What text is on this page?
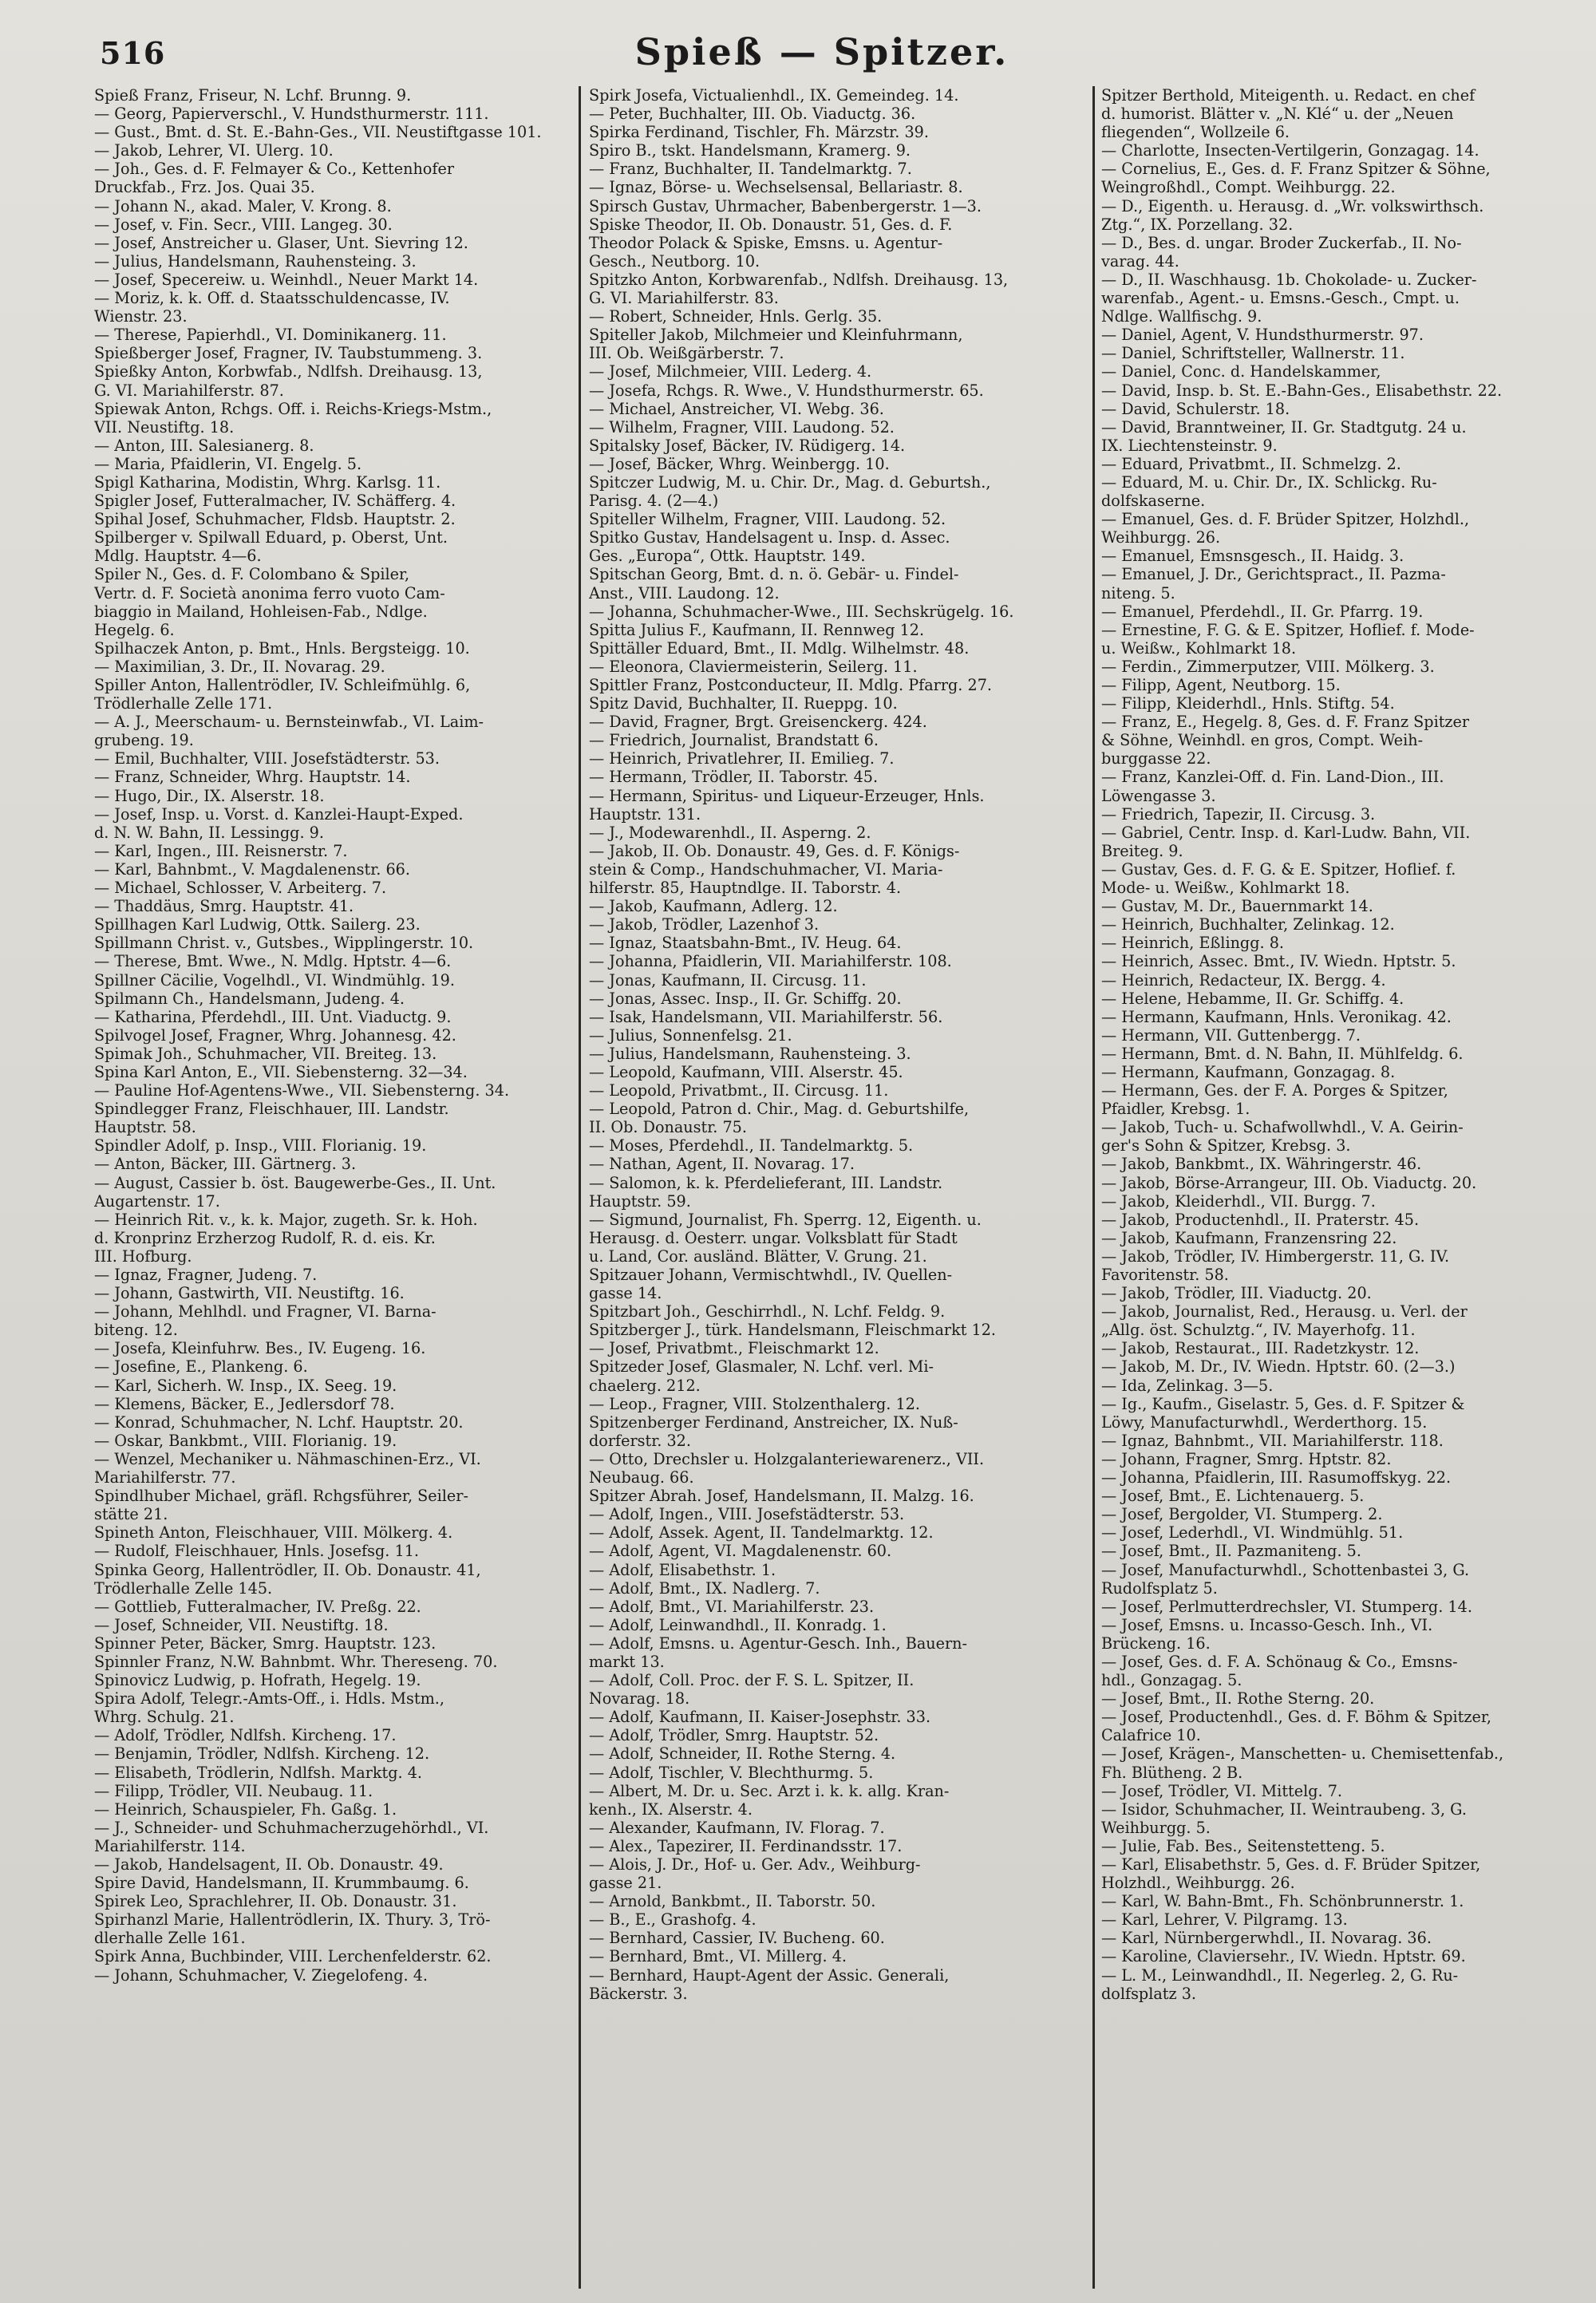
516	Spieß — Spitzer.
Spieß Franz, Friseur, N. Lchf. Brunng. 9.
— Georg, Papierverschl., V. Hundsthurmerstr. 111.
— Gust., Bmt. d. St. E.-Bahn-Ges., VII. Neustiftgasse 101.
— Jakob, Lehrer, VI. Ulerg. 10.
— Joh., Ges. d. F. Felmayer & Co., Kettenhofer
Druckfab., Frz. Jos. Quai 35.
— Johann N., akad. Maler, V. Krong. 8.
— Josef, v. Fin. Secr., VIII. Langeg. 30.
— Josef, Anstreicher u. Glaser, Unt. Sievring 12.
— Julius, Handelsmann, Rauhensteing. 3.
— Josef, Specereiw. u. Weinhdl., Neuer Markt 14.
— Moriz, k. k. Off. d. Staatsschuldencasse, IV.
Wienstr. 23.
— Therese, Papierhdl., VI. Dominikanerg. 11.
Spießberger Josef, Fragner, IV. Taubstummeng. 3.
Spießky Anton, Korbwfab., Ndlfsh. Dreihausg. 13,
G. VI. Mariahilferstr. 87.
Spiewak Anton, Rchgs. Off. i. Reichs-Kriegs-Mstm.,
VII. Neustiftg. 18.
— Anton, III. Salesianerg. 8.
— Maria, Pfaidlerin, VI. Engelg. 5.
Spigl Katharina, Modistin, Whrg. Karlsg. 11.
Spigler Josef, Futteralmacher, IV. Schäfferg. 4.
Spihal Josef, Schuhmacher, Fldsb. Hauptstr. 2.
Spilberger v. Spilwall Eduard, p. Oberst, Unt.
Mdlg. Hauptstr. 4—6.
Spiler N., Ges. d. F. Colombano & Spiler,
Vertr. d. F. Società anonima ferro vuoto Cam-
biaggio in Mailand, Hohleisen-Fab., Ndlge.
Hegelg. 6.
Spilhaczek Anton, p. Bmt., Hnls. Bergsteigg. 10.
— Maximilian, 3. Dr., II. Novarag. 29.
Spiller Anton, Hallentrödler, IV. Schleifmühlg. 6,
Trödlerhalle Zelle 171.
— A. J., Meerschaum- u. Bernsteinwfab., VI. Laim-
grubeng. 19.
— Emil, Buchhalter, VIII. Josefstädterstr. 53.
— Franz, Schneider, Whrg. Hauptstr. 14.
— Hugo, Dir., IX. Alserstr. 18.
— Josef, Insp. u. Vorst. d. Kanzlei-Haupt-Exped.
d. N. W. Bahn, II. Lessingg. 9.
— Karl, Ingen., III. Reisnerstr. 7.
— Karl, Bahnbmt., V. Magdalenenstr. 66.
— Michael, Schlosser, V. Arbeiterg. 7.
— Thaddäus, Smrg. Hauptstr. 41.
Spillhagen Karl Ludwig, Ottk. Sailerg. 23.
Spillmann Christ. v., Gutsbes., Wipplingerstr. 10.
— Therese, Bmt. Wwe., N. Mdlg. Hptstr. 4—6.
Spillner Cäcilie, Vogelhdl., VI. Windmühlg. 19.
Spilmann Ch., Handelsmann, Judeng. 4.
— Katharina, Pferdehdl., III. Unt. Viaductg. 9.
Spilvogel Josef, Fragner, Whrg. Johannesg. 42.
Spimak Joh., Schuhmacher, VII. Breiteg. 13.
Spina Karl Anton, E., VII. Siebensterng. 32—34.
— Pauline Hof-Agentens-Wwe., VII. Siebensterng. 34.
Spindlegger Franz, Fleischhauer, III. Landstr.
Hauptstr. 58.
Spindler Adolf, p. Insp., VIII. Florianig. 19.
— Anton, Bäcker, III. Gärtnerg. 3.
— August, Cassier b. öst. Baugewerbe-Ges., II. Unt.
Augartenstr. 17.
— Heinrich Rit. v., k. k. Major, zugeth. Sr. k. Hoh.
d. Kronprinz Erzherzog Rudolf, R. d. eis. Kr.
III. Hofburg.
— Ignaz, Fragner, Judeng. 7.
— Johann, Gastwirth, VII. Neustiftg. 16.
— Johann, Mehlhdl. und Fragner, VI. Barna-
biteng. 12.
— Josefa, Kleinfuhrw. Bes., IV. Eugeng. 16.
— Josefine, E., Plankeng. 6.
— Karl, Sicherh. W. Insp., IX. Seeg. 19.
— Klemens, Bäcker, E., Jedlersdorf 78.
— Konrad, Schuhmacher, N. Lchf. Hauptstr. 20.
— Oskar, Bankbmt., VIII. Florianig. 19.
— Wenzel, Mechaniker u. Nähmaschinen-Erz., VI.
Mariahilferstr. 77.
Spindlhuber Michael, gräfl. Rchgsführer, Seiler-
stätte 21.
Spineth Anton, Fleischhauer, VIII. Mölkerg. 4.
— Rudolf, Fleischhauer, Hnls. Josefsg. 11.
Spinka Georg, Hallentrödler, II. Ob. Donaustr. 41,
Trödlerhalle Zelle 145.
— Gottlieb, Futteralmacher, IV. Preßg. 22.
— Josef, Schneider, VII. Neustiftg. 18.
Spinner Peter, Bäcker, Smrg. Hauptstr. 123.
Spinnler Franz, N.W. Bahnbmt. Whr. Thereseng. 70.
Spinovicz Ludwig, p. Hofrath, Hegelg. 19.
Spira Adolf, Telegr.-Amts-Off., i. Hdls. Mstm.,
Whrg. Schulg. 21.
— Adolf, Trödler, Ndlfsh. Kircheng. 17.
— Benjamin, Trödler, Ndlfsh. Kircheng. 12.
— Elisabeth, Trödlerin, Ndlfsh. Marktg. 4.
— Filipp, Trödler, VII. Neubaug. 11.
— Heinrich, Schauspieler, Fh. Gaßg. 1.
— J., Schneider- und Schuhmacherzugehörhdl., VI.
Mariahilferstr. 114.
— Jakob, Handelsagent, II. Ob. Donaustr. 49.
Spire David, Handelsmann, II. Krummbaumg. 6.
Spirek Leo, Sprachlehrer, II. Ob. Donaustr. 31.
Spirhanzl Marie, Hallentrödlerin, IX. Thury. 3, Trö-
dlerhalle Zelle 161.
Spirk Anna, Buchbinder, VIII. Lerchenfelderstr. 62.
— Johann, Schuhmacher, V. Ziegelofeng. 4.
Spirk Josefa, Victualienhdl., IX. Gemeindeg. 14.
— Peter, Buchhalter, III. Ob. Viaductg. 36.
Spirka Ferdinand, Tischler, Fh. Märzstr. 39.
Spiro B., tskt. Handelsmann, Kramerg. 9.
— Franz, Buchhalter, II. Tandelmarktg. 7.
— Ignaz, Börse- u. Wechselsensal, Bellariastr. 8.
Spirsch Gustav, Uhrmacher, Babenbergerstr. 1—3.
Spiske Theodor, II. Ob. Donaustr. 51, Ges. d. F.
Theodor Polack & Spiske, Emsns. u. Agentur-
Gesch., Neutborg. 10.
Spitzko Anton, Korbwarenfab., Ndlfsh. Dreihausg. 13,
G. VI. Mariahilferstr. 83.
— Robert, Schneider, Hnls. Gerlg. 35.
Spiteller Jakob, Milchmeier und Kleinfuhrmann,
III. Ob. Weißgärberstr. 7.
— Josef, Milchmeier, VIII. Lederg. 4.
— Josefa, Rchgs. R. Wwe., V. Hundsthurmerstr. 65.
— Michael, Anstreicher, VI. Webg. 36.
— Wilhelm, Fragner, VIII. Laudong. 52.
Spitalsky Josef, Bäcker, IV. Rüdigerg. 14.
— Josef, Bäcker, Whrg. Weinbergg. 10.
Spitczer Ludwig, M. u. Chir. Dr., Mag. d. Geburtsh.,
Parisg. 4. (2—4.)
Spiteller Wilhelm, Fragner, VIII. Laudong. 52.
Spitko Gustav, Handelsagent u. Insp. d. Assec.
Ges. „Europa“, Ottk. Hauptstr. 149.
Spitschan Georg, Bmt. d. n. ö. Gebär- u. Findel-
Anst., VIII. Laudong. 12.
— Johanna, Schuhmacher-Wwe., III. Sechskrügelg. 16.
Spitta Julius F., Kaufmann, II. Rennweg 12.
Spittäller Eduard, Bmt., II. Mdlg. Wilhelmstr. 48.
— Eleonora, Claviermeisterin, Seilerg. 11.
Spittler Franz, Postconducteur, II. Mdlg. Pfarrg. 27.
Spitz David, Buchhalter, II. Rueppg. 10.
— David, Fragner, Brgt. Greisenckerg. 424.
— Friedrich, Journalist, Brandstatt 6.
— Heinrich, Privatlehrer, II. Emilieg. 7.
— Hermann, Trödler, II. Taborstr. 45.
— Hermann, Spiritus- und Liqueur-Erzeuger, Hnls.
Hauptstr. 131.
— J., Modewarenhdl., II. Asperng. 2.
— Jakob, II. Ob. Donaustr. 49, Ges. d. F. Königs-
stein & Comp., Handschuhmacher, VI. Maria-
hilferstr. 85, Hauptndlge. II. Taborstr. 4.
— Jakob, Kaufmann, Adlerg. 12.
— Jakob, Trödler, Lazenhof 3.
— Ignaz, Staatsbahn-Bmt., IV. Heug. 64.
— Johanna, Pfaidlerin, VII. Mariahilferstr. 108.
— Jonas, Kaufmann, II. Circusg. 11.
— Jonas, Assec. Insp., II. Gr. Schiffg. 20.
— Isak, Handelsmann, VII. Mariahilferstr. 56.
— Julius, Sonnenfelsg. 21.
— Julius, Handelsmann, Rauhensteing. 3.
— Leopold, Kaufmann, VIII. Alserstr. 45.
— Leopold, Privatbmt., II. Circusg. 11.
— Leopold, Patron d. Chir., Mag. d. Geburtshilfe,
II. Ob. Donaustr. 75.
— Moses, Pferdehdl., II. Tandelmarktg. 5.
— Nathan, Agent, II. Novarag. 17.
— Salomon, k. k. Pferdelieferant, III. Landstr.
Hauptstr. 59.
— Sigmund, Journalist, Fh. Sperrg. 12, Eigenth. u.
Herausg. d. Oesterr. ungar. Volksblatt für Stadt
u. Land, Cor. ausländ. Blätter, V. Grung. 21.
Spitzauer Johann, Vermischtwhdl., IV. Quellen-
gasse 14.
Spitzbart Joh., Geschirrhdl., N. Lchf. Feldg. 9.
Spitzberger J., türk. Handelsmann, Fleischmarkt 12.
— Josef, Privatbmt., Fleischmarkt 12.
Spitzeder Josef, Glasmaler, N. Lchf. verl. Mi-
chaelerg. 212.
— Leop., Fragner, VIII. Stolzenthalerg. 12.
Spitzenberger Ferdinand, Anstreicher, IX. Nuß-
dorferstr. 32.
— Otto, Drechsler u. Holzgalanteriewarenerz., VII.
Neubaug. 66.
Spitzer Abrah. Josef, Handelsmann, II. Malzg. 16.
— Adolf, Ingen., VIII. Josefstädterstr. 53.
— Adolf, Assek. Agent, II. Tandelmarktg. 12.
— Adolf, Agent, VI. Magdalenenstr. 60.
— Adolf, Elisabethstr. 1.
— Adolf, Bmt., IX. Nadlerg. 7.
— Adolf, Bmt., VI. Mariahilferstr. 23.
— Adolf, Leinwandhdl., II. Konradg. 1.
— Adolf, Emsns. u. Agentur-Gesch. Inh., Bauern-
markt 13.
— Adolf, Coll. Proc. der F. S. L. Spitzer, II.
Novarag. 18.
— Adolf, Kaufmann, II. Kaiser-Josephstr. 33.
— Adolf, Trödler, Smrg. Hauptstr. 52.
— Adolf, Schneider, II. Rothe Sterng. 4.
— Adolf, Tischler, V. Blechthurmg. 5.
— Albert, M. Dr. u. Sec. Arzt i. k. k. allg. Kran-
kenh., IX. Alserstr. 4.
— Alexander, Kaufmann, IV. Florag. 7.
— Alex., Tapezirer, II. Ferdinandsstr. 17.
— Alois, J. Dr., Hof- u. Ger. Adv., Weihburg-
gasse 21.
— Arnold, Bankbmt., II. Taborstr. 50.
— B., E., Grashofg. 4.
— Bernhard, Cassier, IV. Bucheng. 60.
— Bernhard, Bmt., VI. Millerg. 4.
— Bernhard, Haupt-Agent der Assic. Generali,
Bäckerstr. 3.
Spitzer Berthold, Miteigenth. u. Redact. en chef
d. humorist. Blätter v. „N. Klé“ u. der „Neuen
fliegenden“, Wollzeile 6.
— Charlotte, Insecten-Vertilgerin, Gonzagag. 14.
— Cornelius, E., Ges. d. F. Franz Spitzer & Söhne,
Weingroßhdl., Compt. Weihburgg. 22.
— D., Eigenth. u. Herausg. d. „Wr. volkswirthsch.
Ztg.“, IX. Porzellang. 32.
— D., Bes. d. ungar. Broder Zuckerfab., II. No-
varag. 44.
— D., II. Waschhausg. 1b. Chokolade- u. Zucker-
warenfab., Agent.- u. Emsns.-Gesch., Cmpt. u.
Ndlge. Wallfischg. 9.
— Daniel, Agent, V. Hundsthurmerstr. 97.
— Daniel, Schriftsteller, Wallnerstr. 11.
— Daniel, Conc. d. Handelskammer,
— David, Insp. b. St. E.-Bahn-Ges., Elisabethstr. 22.
— David, Schulerstr. 18.
— David, Branntweiner, II. Gr. Stadtgutg. 24 u.
IX. Liechtensteinstr. 9.
— Eduard, Privatbmt., II. Schmelzg. 2.
— Eduard, M. u. Chir. Dr., IX. Schlickg. Ru-
dolfskaserne.
— Emanuel, Ges. d. F. Brüder Spitzer, Holzhdl.,
Weihburgg. 26.
— Emanuel, Emsnsgesch., II. Haidg. 3.
— Emanuel, J. Dr., Gerichtspract., II. Pazma-
niteng. 5.
— Emanuel, Pferdehdl., II. Gr. Pfarrg. 19.
— Ernestine, F. G. & E. Spitzer, Hoflief. f. Mode-
u. Weißw., Kohlmarkt 18.
— Ferdin., Zimmerputzer, VIII. Mölkerg. 3.
— Filipp, Agent, Neutborg. 15.
— Filipp, Kleiderhdl., Hnls. Stiftg. 54.
— Franz, E., Hegelg. 8, Ges. d. F. Franz Spitzer
& Söhne, Weinhdl. en gros, Compt. Weih-
burggasse 22.
— Franz, Kanzlei-Off. d. Fin. Land-Dion., III.
Löwengasse 3.
— Friedrich, Tapezir, II. Circusg. 3.
— Gabriel, Centr. Insp. d. Karl-Ludw. Bahn, VII.
Breiteg. 9.
— Gustav, Ges. d. F. G. & E. Spitzer, Hoflief. f.
Mode- u. Weißw., Kohlmarkt 18.
— Gustav, M. Dr., Bauernmarkt 14.
— Heinrich, Buchhalter, Zelinkag. 12.
— Heinrich, Eßlingg. 8.
— Heinrich, Assec. Bmt., IV. Wiedn. Hptstr. 5.
— Heinrich, Redacteur, IX. Bergg. 4.
— Helene, Hebamme, II. Gr. Schiffg. 4.
— Hermann, Kaufmann, Hnls. Veronikag. 42.
— Hermann, VII. Guttenbergg. 7.
— Hermann, Bmt. d. N. Bahn, II. Mühlfeldg. 6.
— Hermann, Kaufmann, Gonzagag. 8.
— Hermann, Ges. der F. A. Porges & Spitzer,
Pfaidler, Krebsg. 1.
— Jakob, Tuch- u. Schafwollwhdl., V. A. Geirin-
ger's Sohn & Spitzer, Krebsg. 3.
— Jakob, Bankbmt., IX. Währingerstr. 46.
— Jakob, Börse-Arrangeur, III. Ob. Viaductg. 20.
— Jakob, Kleiderhdl., VII. Burgg. 7.
— Jakob, Productenhdl., II. Praterstr. 45.
— Jakob, Kaufmann, Franzensring 22.
— Jakob, Trödler, IV. Himbergerstr. 11, G. IV.
Favoritenstr. 58.
— Jakob, Trödler, III. Viaductg. 20.
— Jakob, Journalist, Red., Herausg. u. Verl. der
„Allg. öst. Schulztg.“, IV. Mayerhofg. 11.
— Jakob, Restaurat., III. Radetzkystr. 12.
— Jakob, M. Dr., IV. Wiedn. Hptstr. 60. (2—3.)
— Ida, Zelinkag. 3—5.
— Ig., Kaufm., Giselastr. 5, Ges. d. F. Spitzer &
Löwy, Manufacturwhdl., Werderthorg. 15.
— Ignaz, Bahnbmt., VII. Mariahilferstr. 118.
— Johann, Fragner, Smrg. Hptstr. 82.
— Johanna, Pfaidlerin, III. Rasumoffskyg. 22.
— Josef, Bmt., E. Lichtenauerg. 5.
— Josef, Bergolder, VI. Stumperg. 2.
— Josef, Lederhdl., VI. Windmühlg. 51.
— Josef, Bmt., II. Pazmaniteng. 5.
— Josef, Manufacturwhdl., Schottenbastei 3, G.
Rudolfsplatz 5.
— Josef, Perlmutterdrechsler, VI. Stumperg. 14.
— Josef, Emsns. u. Incasso-Gesch. Inh., VI.
Brückeng. 16.
— Josef, Ges. d. F. A. Schönaug & Co., Emsns-
hdl., Gonzagag. 5.
— Josef, Bmt., II. Rothe Sterng. 20.
— Josef, Productenhdl., Ges. d. F. Böhm & Spitzer,
Calafrice 10.
— Josef, Krägen-, Manschetten- u. Chemisettenfab.,
Fh. Blütheng. 2 B.
— Josef, Trödler, VI. Mittelg. 7.
— Isidor, Schuhmacher, II. Weintraubeng. 3, G.
Weihburgg. 5.
— Julie, Fab. Bes., Seitenstetteng. 5.
— Karl, Elisabethstr. 5, Ges. d. F. Brüder Spitzer,
Holzhdl., Weihburgg. 26.
— Karl, W. Bahn-Bmt., Fh. Schönbrunnerstr. 1.
— Karl, Lehrer, V. Pilgramg. 13.
— Karl, Nürnbergerwhdl., II. Novarag. 36.
— Karoline, Claviersehr., IV. Wiedn. Hptstr. 69.
— L. M., Leinwandhdl., II. Negerleg. 2, G. Ru-
dolfsplatz 3.
